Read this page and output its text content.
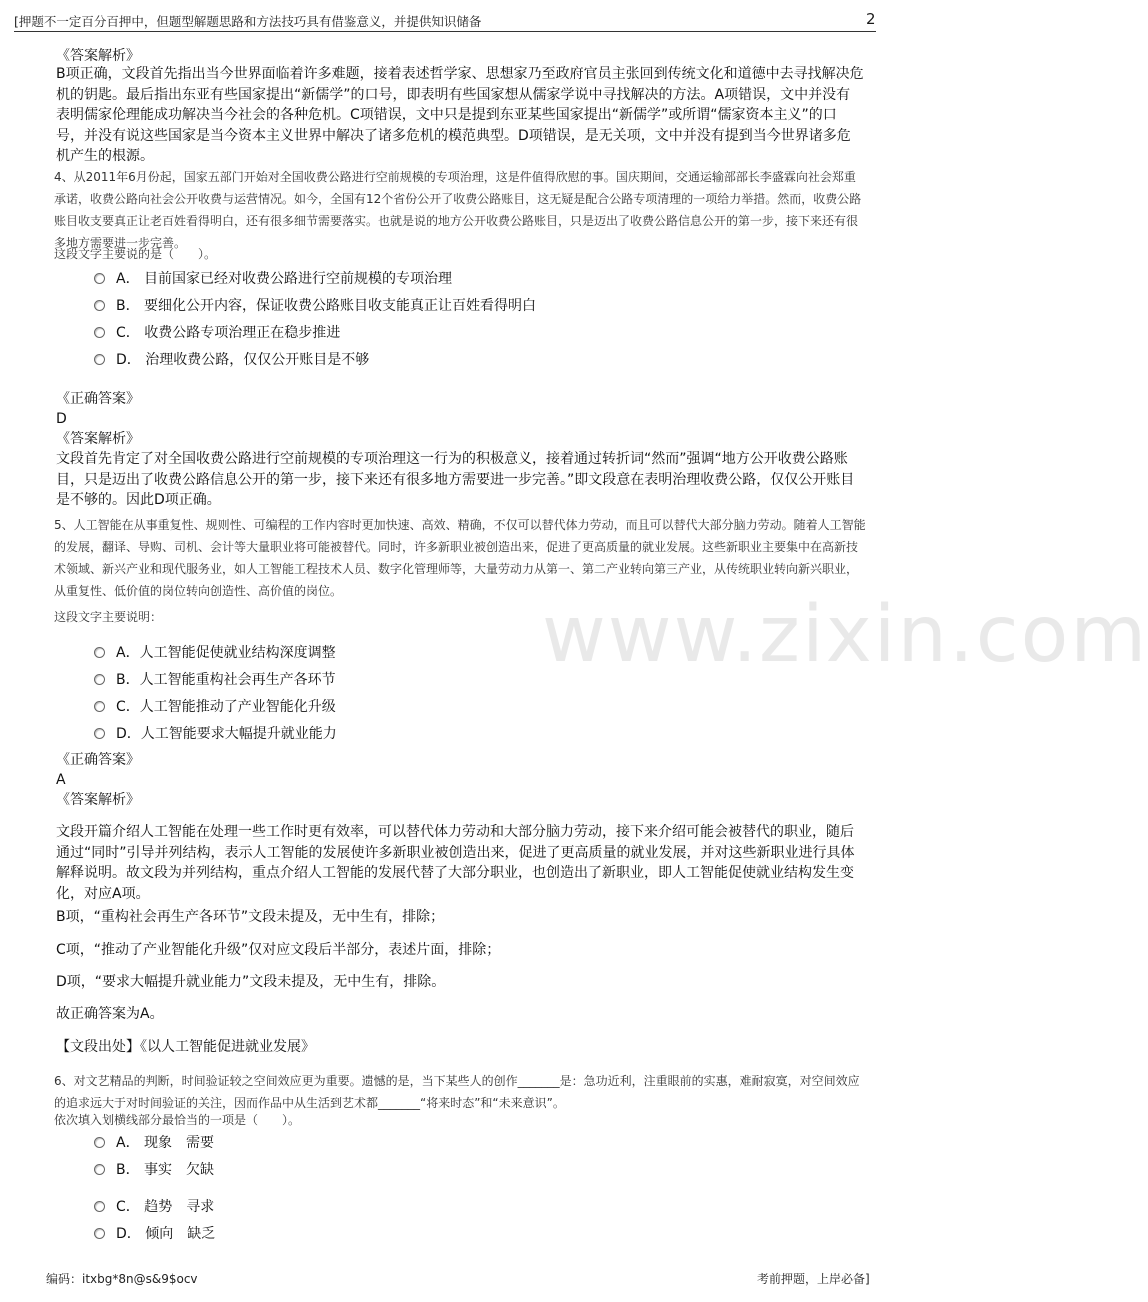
[押题不一定百分百押中，但题型解题思路和方法技巧具有借鉴意义，并提供知识储备	2
www.zixin.com
《答案解析》
B项正确，文段首先指出当今世界面临着许多难题，接着表述哲学家、思想家乃至政府官员主张回到传统文化和道德中去寻找解决危机的钥匙。最后指出东亚有些国家提出“新儒学”的口号，即表明有些国家想从儒家学说中寻找解决的方法。A项错误，文中并没有表明儒家伦理能成功解决当今社会的各种危机。C项错误，文中只是提到东亚某些国家提出“新儒学”或所谓“儒家资本主义”的口号，并没有说这些国家是当今资本主义世界中解决了诸多危机的模范典型。D项错误，是无关项，文中并没有提到当今世界诸多危机产生的根源。
4、从2011年6月份起，国家五部门开始对全国收费公路进行空前规模的专项治理，这是件值得欣慰的事。国庆期间，交通运输部部长李盛霖向社会郑重承诺，收费公路向社会公开收费与运营情况。如今，全国有12个省份公开了收费公路账目，这无疑是配合公路专项清理的一项给力举措。然而，收费公路账目收支要真正让老百姓看得明白，还有很多细节需要落实。也就是说的地方公开收费公路账目，只是迈出了收费公路信息公开的第一步，接下来还有很多地方需要进一步完善。
这段文字主要说的是（　　）。
A． 目前国家已经对收费公路进行空前规模的专项治理
B． 要细化公开内容，保证收费公路账目收支能真正让百姓看得明白
C． 收费公路专项治理正在稳步推进
D． 治理收费公路，仅仅公开账目是不够
《正确答案》
D
《答案解析》
文段首先肯定了对全国收费公路进行空前规模的专项治理这一行为的积极意义，接着通过转折词“然而”强调“地方公开收费公路账目，只是迈出了收费公路信息公开的第一步，接下来还有很多地方需要进一步完善。”即文段意在表明治理收费公路，仅仅公开账目是不够的。因此D项正确。
5、人工智能在从事重复性、规则性、可编程的工作内容时更加快速、高效、精确，不仅可以替代体力劳动，而且可以替代大部分脑力劳动。随着人工智能的发展，翻译、导购、司机、会计等大量职业将可能被替代。同时，许多新职业被创造出来，促进了更高质量的就业发展。这些新职业主要集中在高新技术领域、新兴产业和现代服务业，如人工智能工程技术人员、数字化管理师等，大量劳动力从第一、第二产业转向第三产业，从传统职业转向新兴职业，从重复性、低价值的岗位转向创造性、高价值的岗位。
这段文字主要说明：
A．人工智能促使就业结构深度调整
B．人工智能重构社会再生产各环节
C．人工智能推动了产业智能化升级
D．人工智能要求大幅提升就业能力
《正确答案》
A
《答案解析》
文段开篇介绍人工智能在处理一些工作时更有效率，可以替代体力劳动和大部分脑力劳动，接下来介绍可能会被替代的职业，随后通过“同时”引导并列结构，表示人工智能的发展使许多新职业被创造出来，促进了更高质量的就业发展，并对这些新职业进行具体解释说明。故文段为并列结构，重点介绍人工智能的发展代替了大部分职业，也创造出了新职业，即人工智能促使就业结构发生变化，对应A项。
B项，“重构社会再生产各环节”文段未提及，无中生有，排除；
C项，“推动了产业智能化升级”仅对应文段后半部分，表述片面，排除；
D项，“要求大幅提升就业能力”文段未提及，无中生有，排除。
故正确答案为A。
【文段出处】《以人工智能促进就业发展》
6、对文艺精品的判断，时间验证较之空间效应更为重要。遗憾的是，当下某些人的创作_______是：急功近利，注重眼前的实惠，难耐寂寞，对空间效应的追求远大于对时间验证的关注，因而作品中从生活到艺术都_______“将来时态”和“未来意识”。
依次填入划横线部分最恰当的一项是（　　）。
A． 现象　需要
B． 事实　欠缺
C． 趋势　寻求
D． 倾向　缺乏
编码：itxbg*8n@s&9$ocv	考前押题，上岸必备]
